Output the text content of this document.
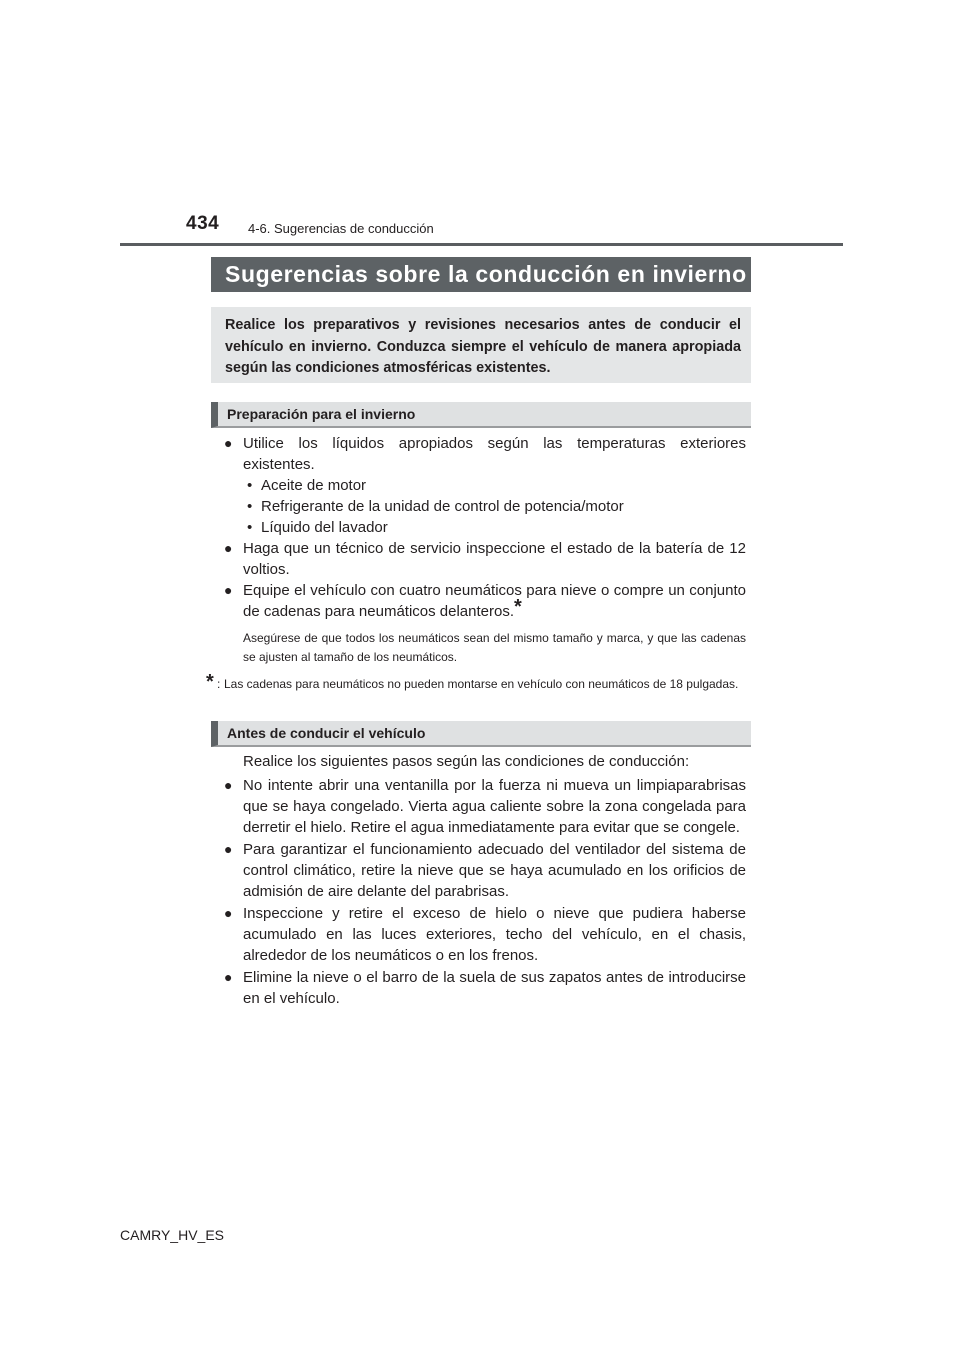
434 4-6. Sugerencias de conducción
Sugerencias sobre la conducción en invierno
Realice los preparativos y revisiones necesarios antes de conducir el vehículo en invierno. Conduzca siempre el vehículo de manera apropiada según las condiciones atmosféricas existentes.
Preparación para el invierno
● Utilice los líquidos apropiados según las temperaturas exteriores existentes.
• Aceite de motor
• Refrigerante de la unidad de control de potencia/motor
• Líquido del lavador
● Haga que un técnico de servicio inspeccione el estado de la batería de 12 voltios.
● Equipe el vehículo con cuatro neumáticos para nieve o compre un conjunto de cadenas para neumáticos delanteros.*
Asegúrese de que todos los neumáticos sean del mismo tamaño y marca, y que las cadenas se ajusten al tamaño de los neumáticos.
* : Las cadenas para neumáticos no pueden montarse en vehículo con neumáticos de 18 pulgadas.
Antes de conducir el vehículo
Realice los siguientes pasos según las condiciones de conducción:
● No intente abrir una ventanilla por la fuerza ni mueva un limpiaparabrisas que se haya congelado. Vierta agua caliente sobre la zona congelada para derretir el hielo. Retire el agua inmediatamente para evitar que se congele.
● Para garantizar el funcionamiento adecuado del ventilador del sistema de control climático, retire la nieve que se haya acumulado en los orificios de admisión de aire delante del parabrisas.
● Inspeccione y retire el exceso de hielo o nieve que pudiera haberse acumulado en las luces exteriores, techo del vehículo, en el chasis, alrededor de los neumáticos o en los frenos.
● Elimine la nieve o el barro de la suela de sus zapatos antes de introducirse en el vehículo.
CAMRY_HV_ES
